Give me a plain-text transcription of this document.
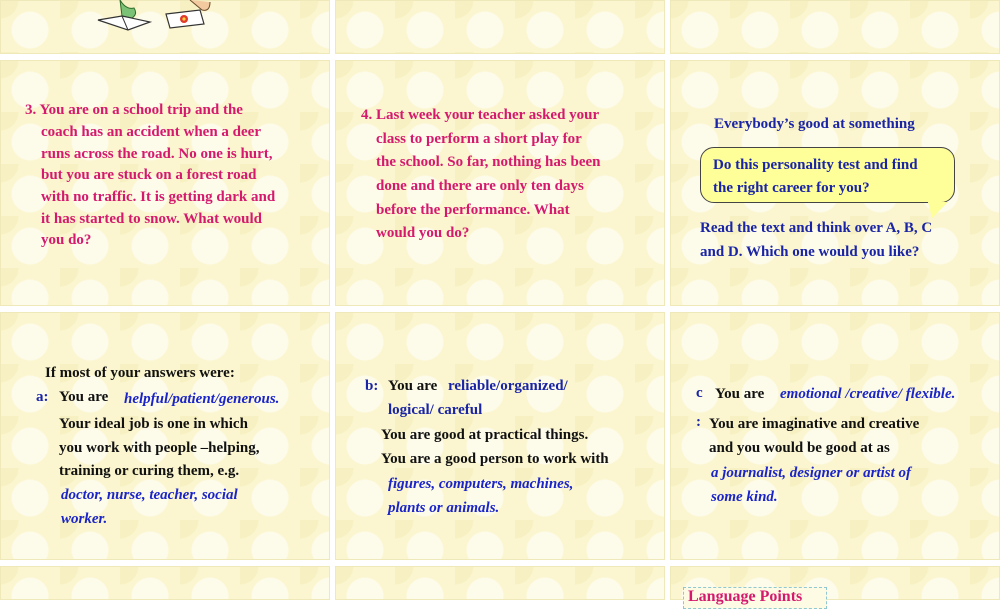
3. You are on a school trip and the
coach has an accident when a deer
runs across the road. No one is hurt,
but you are stuck on a forest road
with no traffic. It is getting dark and
it has started to snow. What would
you do?
4. Last week your teacher asked your
class to perform a short play for
the school. So far, nothing has been
done and there are only ten days
before the performance. What
would you do?
Everybody’s good at something
Do this personality test and find
the right career for you?
Read the text and think over A, B, C
and D. Which one would you like?
If most of your answers were:
a: You are helpful/patient/generous.
Your ideal job is one in which
you work with people –helping,
training or curing them, e.g.
doctor, nurse, teacher, social
worker.
b: You are reliable/organized/
logical/ careful
You are good at practical things.
You are a good person to work with
figures, computers, machines,
plants or animals.
c You are emotional /creative/ flexible.
: You are imaginative and creative
and you would be good at as
a journalist, designer or artist of
some kind.
Language Points
